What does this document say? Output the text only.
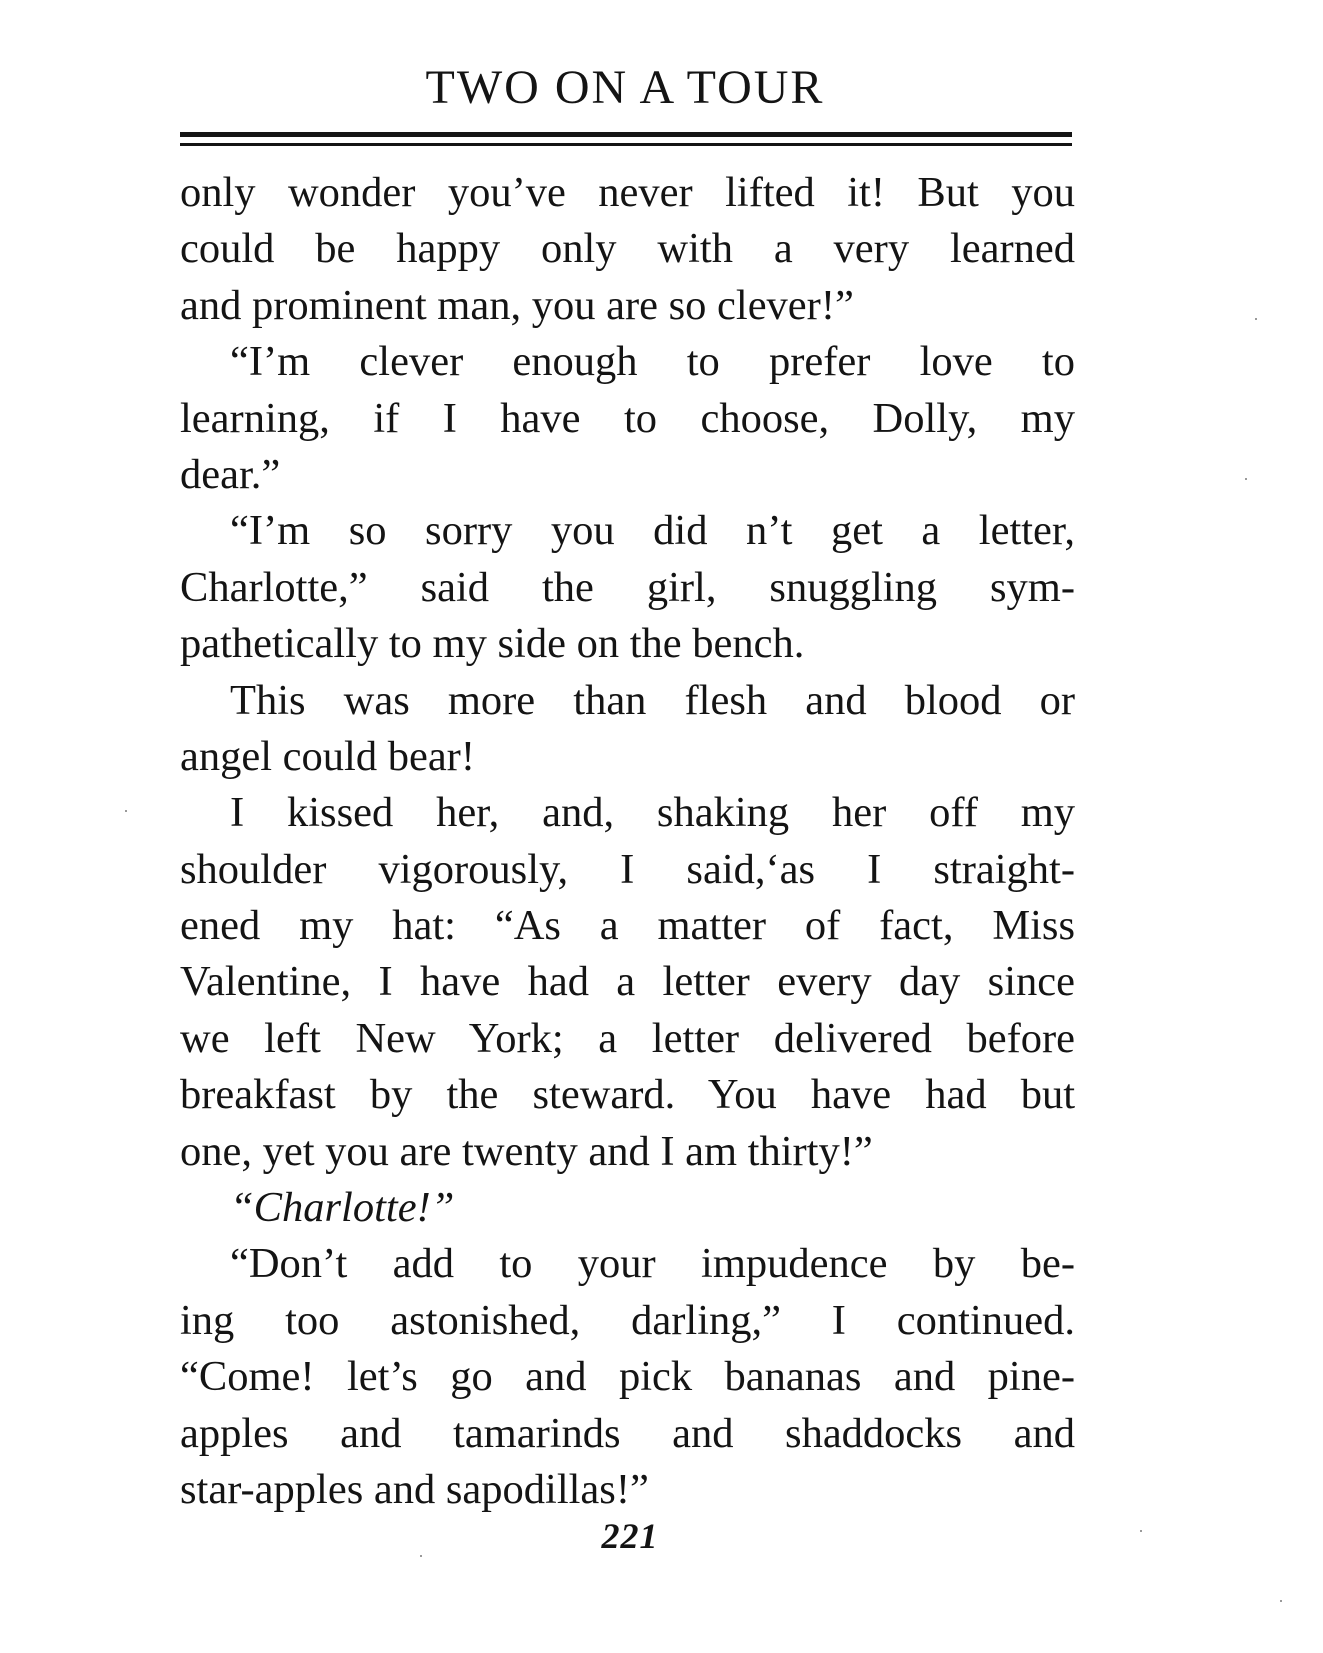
TWO ON A TOUR
only wonder you’ve never lifted it! But you
could be happy only with a very learned
and prominent man, you are so clever!”
“I’m clever enough to prefer love to
learning, if I have to choose, Dolly, my
dear.”
“I’m so sorry you did n’t get a letter,
Charlotte,” said the girl, snuggling sym-
pathetically to my side on the bench.
This was more than flesh and blood or
angel could bear!
I kissed her, and, shaking her off my
shoulder vigorously, I said,‘as I straight-
ened my hat: “As a matter of fact, Miss
Valentine, I have had a letter every day since
we left New York; a letter delivered before
breakfast by the steward. You have had but
one, yet you are twenty and I am thirty!”
“Charlotte!”
“Don’t add to your impudence by be-
ing too astonished, darling,” I continued.
“Come! let’s go and pick bananas and pine-
apples and tamarinds and shaddocks and
star-apples and sapodillas!”
221
